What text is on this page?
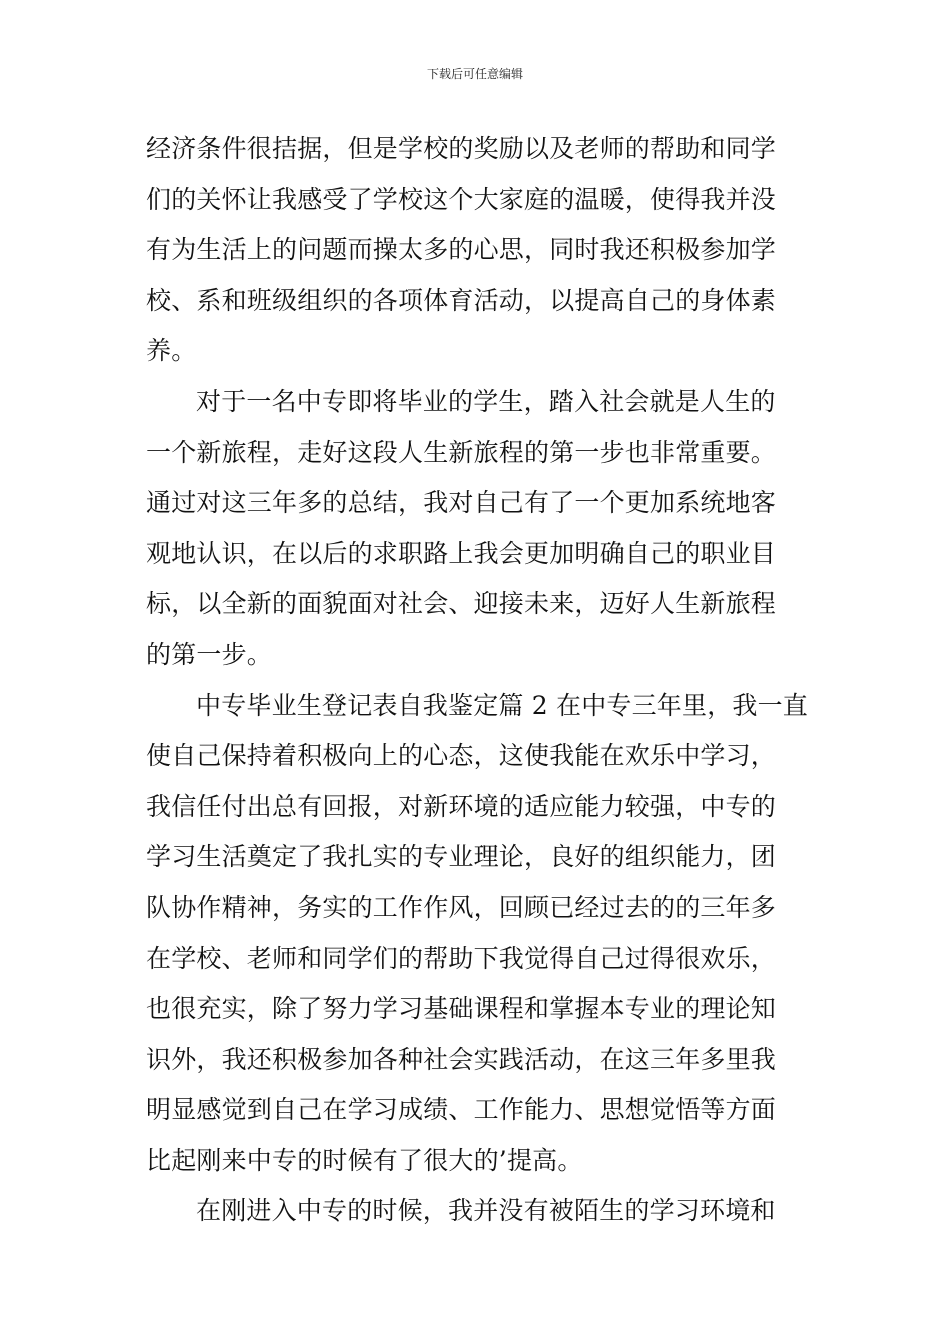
下载后可任意编辑
经济条件很拮据，但是学校的奖励以及老师的帮助和同学
们的关怀让我感受了学校这个大家庭的温暖，使得我并没
有为生活上的问题而操太多的心思，同时我还积极参加学
校、系和班级组织的各项体育活动，以提高自己的身体素
养。
对于一名中专即将毕业的学生，踏入社会就是人生的
一个新旅程，走好这段人生新旅程的第一步也非常重要。
通过对这三年多的总结，我对自己有了一个更加系统地客
观地认识，在以后的求职路上我会更加明确自己的职业目
标，以全新的面貌面对社会、迎接未来，迈好人生新旅程
的第一步。
中专毕业生登记表自我鉴定篇 2 在中专三年里，我一直
使自己保持着积极向上的心态，这使我能在欢乐中学习，
我信任付出总有回报，对新环境的适应能力较强，中专的
学习生活奠定了我扎实的专业理论，良好的组织能力，团
队协作精神，务实的工作作风，回顾已经过去的的三年多
在学校、老师和同学们的帮助下我觉得自己过得很欢乐，
也很充实，除了努力学习基础课程和掌握本专业的理论知
识外，我还积极参加各种社会实践活动，在这三年多里我
明显感觉到自己在学习成绩、工作能力、思想觉悟等方面
比起刚来中专的时候有了很大的’提高。
在刚进入中专的时候，我并没有被陌生的学习环境和
